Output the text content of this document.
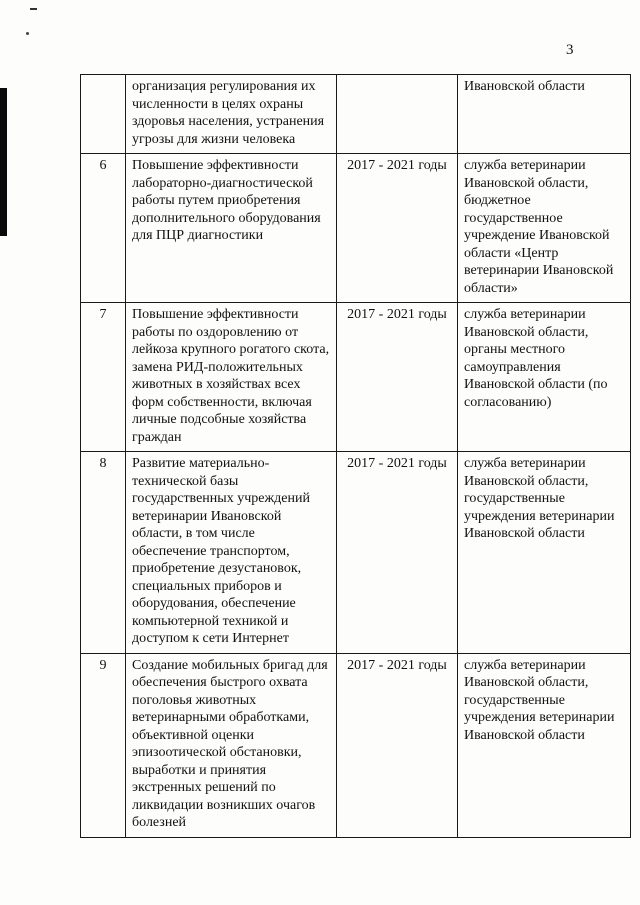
3
	организация регулирования их численности в целях охраны здоровья населения, устранения угрозы для жизни человека		Ивановской области
6	Повышение эффективности лабораторно-диагностической работы путем приобретения дополнительного оборудования для ПЦР диагностики	2017 - 2021 годы	служба ветеринарии Ивановской области, бюджетное государственное учреждение Ивановской области «Центр ветеринарии Ивановской области»
7	Повышение эффективности работы по оздоровлению от лейкоза крупного рогатого скота, замена РИД-положительных животных в хозяйствах всех форм собственности, включая личные подсобные хозяйства граждан	2017 - 2021 годы	служба ветеринарии Ивановской области, органы местного самоуправления Ивановской области (по согласованию)
8	Развитие материально-технической базы государственных учреждений ветеринарии Ивановской области, в том числе обеспечение транспортом, приобретение дезустановок, специальных приборов и оборудования, обеспечение компьютерной техникой и доступом к сети Интернет	2017 - 2021 годы	служба ветеринарии Ивановской области, государственные учреждения ветеринарии Ивановской области
9	Создание мобильных бригад для обеспечения быстрого охвата поголовья животных ветеринарными обработками, объективной оценки эпизоотической обстановки, выработки и принятия экстренных решений по ликвидации возникших очагов болезней	2017 - 2021 годы	служба ветеринарии Ивановской области, государственные учреждения ветеринарии Ивановской области
